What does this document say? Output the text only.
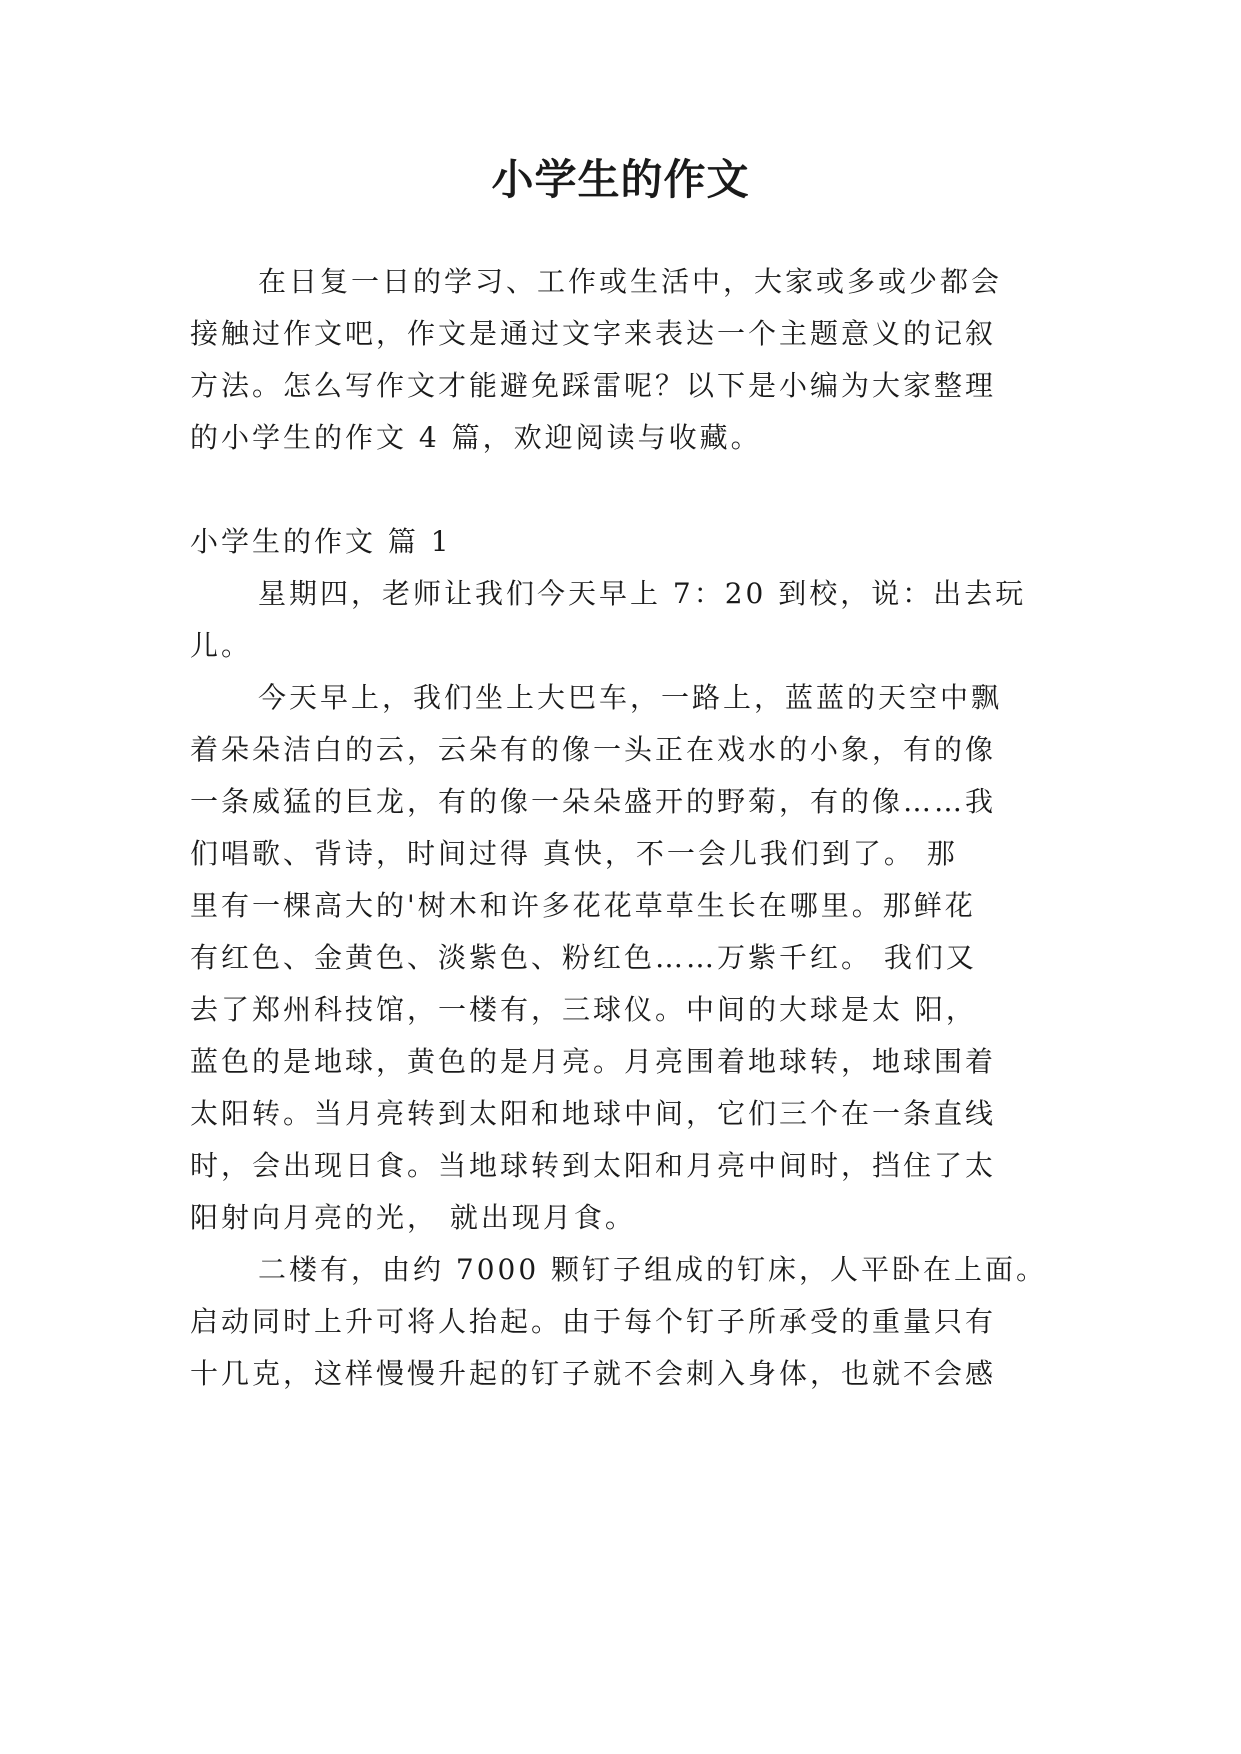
小学生的作文
在日复一日的学习、工作或生活中，大家或多或少都会
接触过作文吧，作文是通过文字来表达一个主题意义的记叙
方法。怎么写作文才能避免踩雷呢？以下是小编为大家整理
的小学生的作文 4 篇，欢迎阅读与收藏。
小学生的作文 篇 1
星期四，老师让我们今天早上 7：20 到校，说：出去玩
儿。
今天早上，我们坐上大巴车，一路上，蓝蓝的天空中飘
着朵朵洁白的云，云朵有的像一头正在戏水的小象，有的像
一条威猛的巨龙，有的像一朵朵盛开的野菊，有的像……我
们唱歌、背诗，时间过得 真快，不一会儿我们到了。 那
里有一棵高大的'树木和许多花花草草生长在哪里。那鲜花
有红色、金黄色、淡紫色、粉红色……万紫千红。 我们又
去了郑州科技馆，一楼有，三球仪。中间的大球是太 阳，
蓝色的是地球，黄色的是月亮。月亮围着地球转，地球围着
太阳转。当月亮转到太阳和地球中间，它们三个在一条直线
时，会出现日食。当地球转到太阳和月亮中间时，挡住了太
阳射向月亮的光， 就出现月食。
二楼有，由约 7000 颗钉子组成的钉床，人平卧在上面。
启动同时上升可将人抬起。由于每个钉子所承受的重量只有
十几克，这样慢慢升起的钉子就不会刺入身体，也就不会感
